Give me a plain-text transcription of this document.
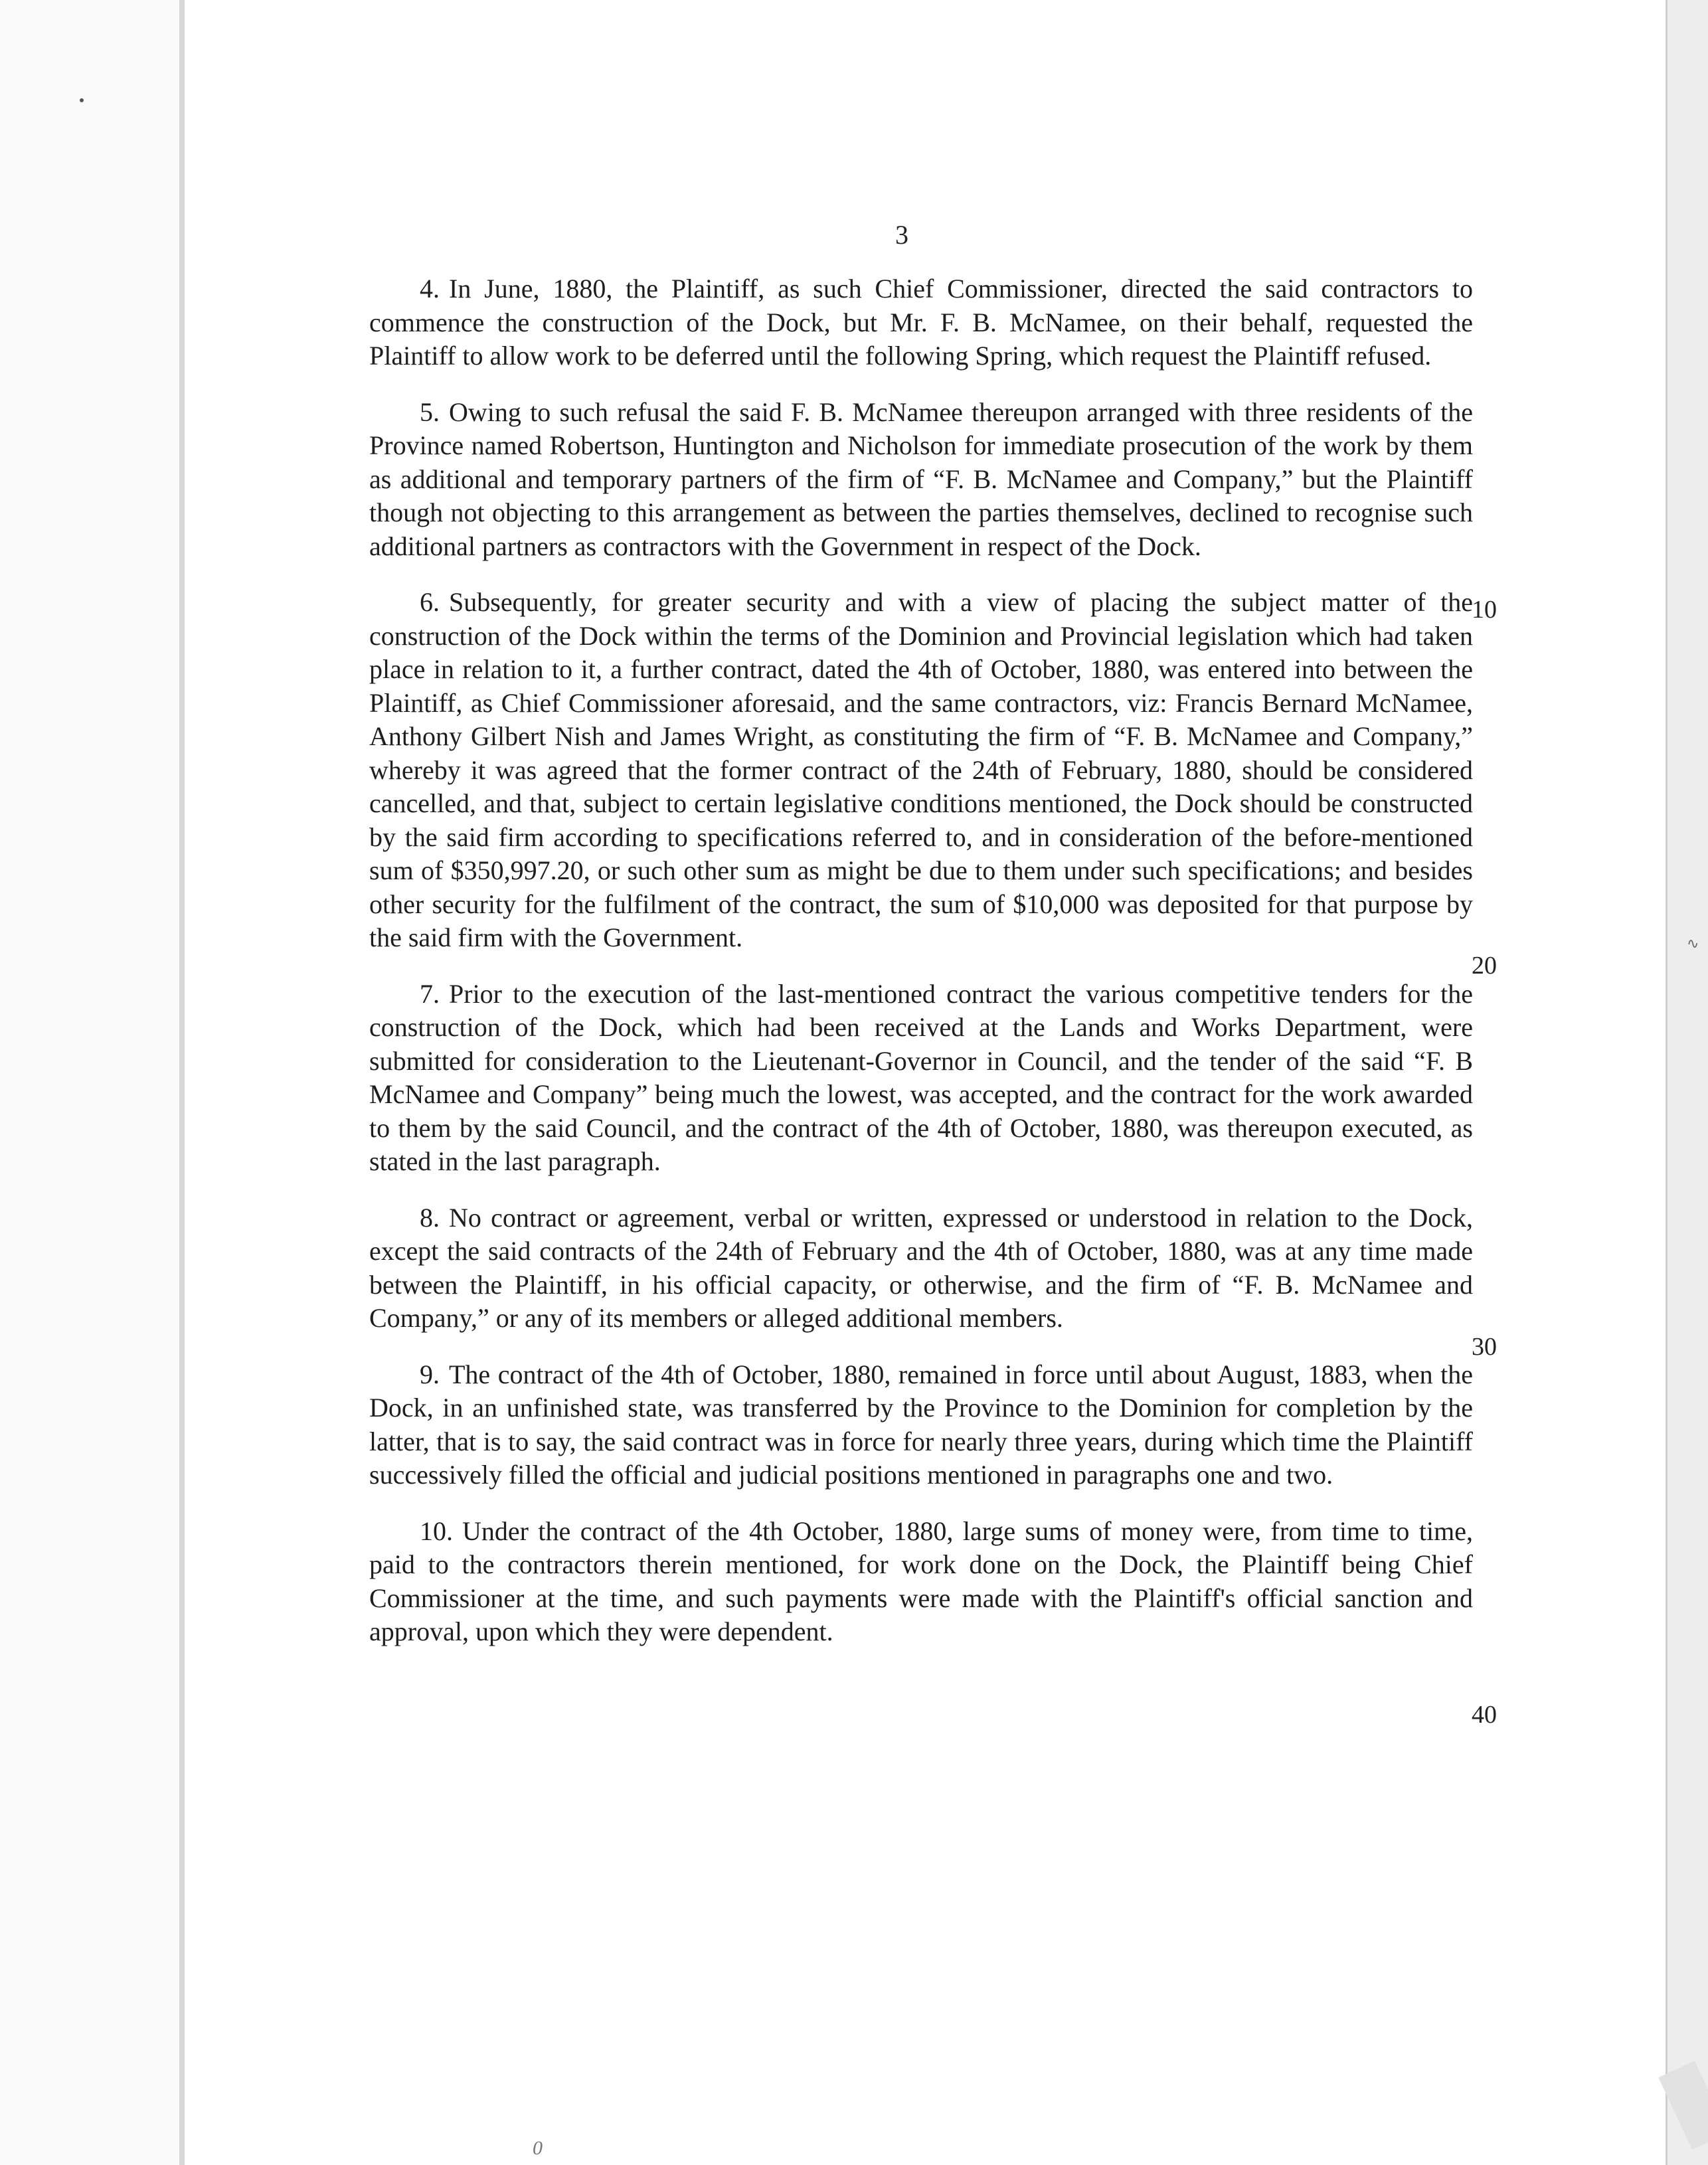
3

4. In June, 1880, the Plaintiff, as such Chief Commissioner, directed the said contractors to commence the construction of the Dock, but Mr. F. B. McNamee, on their behalf, requested the Plaintiff to allow work to be deferred until the following Spring, which request the Plaintiff refused.

5. Owing to such refusal the said F. B. McNamee thereupon arranged with three residents of the Province named Robertson, Huntington and Nicholson for immediate prosecution of the work by them as additional and temporary partners of the firm of “F. B. McNamee and Company,” but the Plaintiff though not objecting to this arrangement as between the parties themselves, declined to recognise such additional partners as contractors with the Government in respect of the Dock.

6. Subsequently, for greater security and with a view of placing the subject matter of the construction of the Dock within the terms of the Dominion and Provincial legislation which had taken place in relation to it, a further contract, dated the 4th of October, 1880, was entered into between the Plaintiff, as Chief Commissioner aforesaid, and the same contractors, viz: Francis Bernard McNamee, Anthony Gilbert Nish and James Wright, as constituting the firm of “F. B. McNamee and Company,” whereby it was agreed that the former contract of the 24th of February, 1880, should be considered cancelled, and that, subject to certain legislative conditions mentioned, the Dock should be constructed by the said firm according to specifications referred to, and in consideration of the before-mentioned sum of $350,997.20, or such other sum as might be due to them under such specifications; and besides other security for the fulfilment of the contract, the sum of $10,000 was deposited for that purpose by the said firm with the Government.

7. Prior to the execution of the last-mentioned contract the various competitive tenders for the construction of the Dock, which had been received at the Lands and Works Department, were submitted for consideration to the Lieutenant-Governor in Council, and the tender of the said “F. B McNamee and Company” being much the lowest, was accepted, and the contract for the work awarded to them by the said Council, and the contract of the 4th of October, 1880, was thereupon executed, as stated in the last paragraph.

8. No contract or agreement, verbal or written, expressed or understood in relation to the Dock, except the said contracts of the 24th of February and the 4th of October, 1880, was at any time made between the Plaintiff, in his official capacity, or otherwise, and the firm of “F. B. McNamee and Company,” or any of its members or alleged additional members.

9. The contract of the 4th of October, 1880, remained in force until about August, 1883, when the Dock, in an unfinished state, was transferred by the Province to the Dominion for completion by the latter, that is to say, the said contract was in force for nearly three years, during which time the Plaintiff successively filled the official and judicial positions mentioned in paragraphs one and two.

10. Under the contract of the 4th October, 1880, large sums of money were, from time to time, paid to the contractors therein mentioned, for work done on the Dock, the Plaintiff being Chief Commissioner at the time, and such payments were made with the Plaintiff's official sanction and approval, upon which they were dependent.

10
20
30
40
∿
0
